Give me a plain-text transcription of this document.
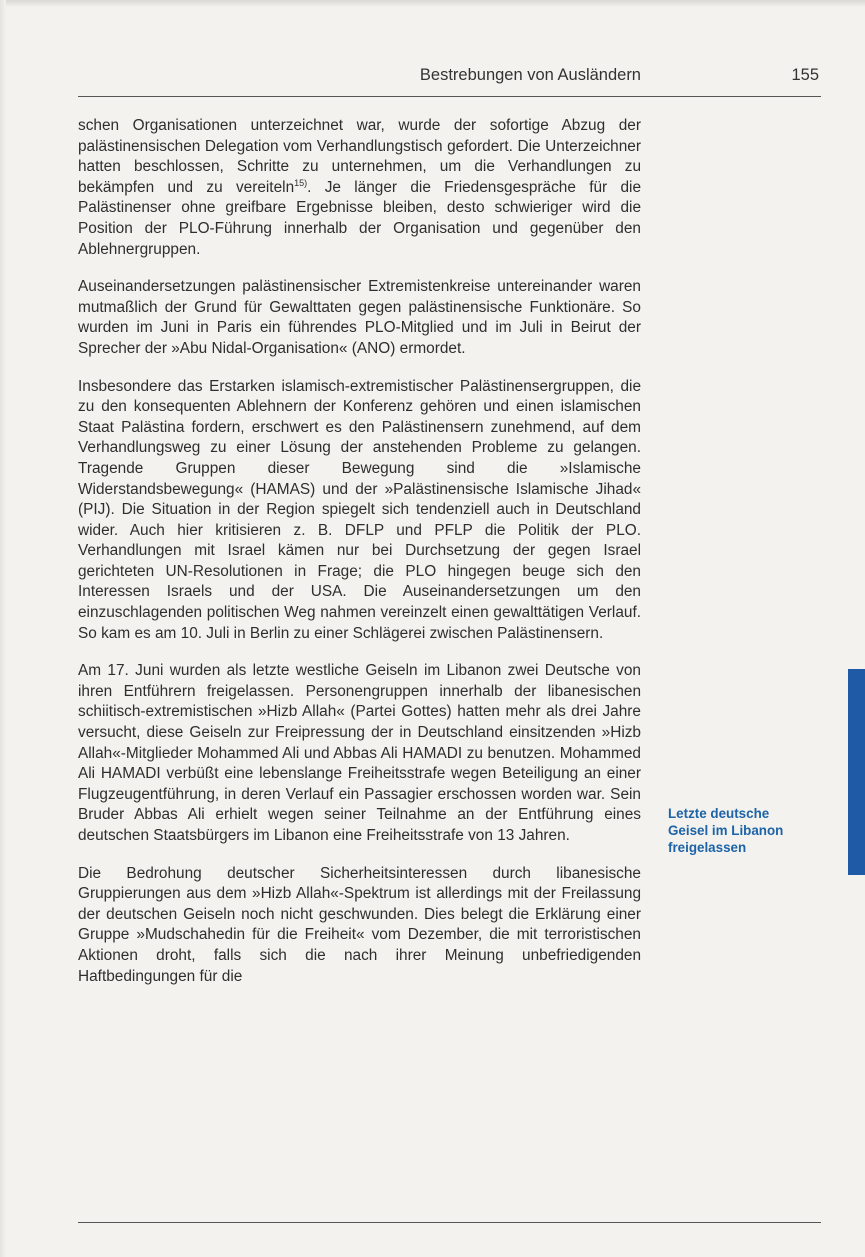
Bestrebungen von Ausländern	155

schen Organisationen unterzeichnet war, wurde der sofortige Abzug der palästinensischen Delegation vom Verhandlungstisch gefordert. Die Unterzeichner hatten beschlossen, Schritte zu unternehmen, um die Verhandlungen zu bekämpfen und zu vereiteln$^{15)}$. Je länger die Friedensgespräche für die Palästinenser ohne greifbare Ergebnisse bleiben, desto schwieriger wird die Position der PLO-Führung innerhalb der Organisation und gegenüber den Ablehnergruppen.

Auseinandersetzungen palästinensischer Extremistenkreise untereinander waren mutmaßlich der Grund für Gewalttaten gegen palästinensische Funktionäre. So wurden im Juni in Paris ein führendes PLO-Mitglied und im Juli in Beirut der Sprecher der »Abu Nidal-Organisation« (ANO) ermordet.

Insbesondere das Erstarken islamisch-extremistischer Palästinensergruppen, die zu den konsequenten Ablehnern der Konferenz gehören und einen islamischen Staat Palästina fordern, erschwert es den Palästinensern zunehmend, auf dem Verhandlungsweg zu einer Lösung der anstehenden Probleme zu gelangen. Tragende Gruppen dieser Bewegung sind die »Islamische Widerstandsbewegung« (HAMAS) und der »Palästinensische Islamische Jihad« (PIJ). Die Situation in der Region spiegelt sich tendenziell auch in Deutschland wider. Auch hier kritisieren z. B. DFLP und PFLP die Politik der PLO. Verhandlungen mit Israel kämen nur bei Durchsetzung der gegen Israel gerichteten UN-Resolutionen in Frage; die PLO hingegen beuge sich den Interessen Israels und der USA. Die Auseinandersetzungen um den einzuschlagenden politischen Weg nahmen vereinzelt einen gewalttätigen Verlauf. So kam es am 10. Juli in Berlin zu einer Schlägerei zwischen Palästinensern.

Am 17. Juni wurden als letzte westliche Geiseln im Libanon zwei Deutsche von ihren Entführern freigelassen. Personengruppen innerhalb der libanesischen schiitisch-extremistischen »Hizb Allah« (Partei Gottes) hatten mehr als drei Jahre versucht, diese Geiseln zur Freipressung der in Deutschland einsitzenden »Hizb Allah«-Mitglieder Mohammed Ali und Abbas Ali HAMADI zu benutzen. Mohammed Ali HAMADI verbüßt eine lebenslange Freiheitsstrafe wegen Beteiligung an einer Flugzeugentführung, in deren Verlauf ein Passagier erschossen worden war. Sein Bruder Abbas Ali erhielt wegen seiner Teilnahme an der Entführung eines deutschen Staatsbürgers im Libanon eine Freiheitsstrafe von 13 Jahren.

Die Bedrohung deutscher Sicherheitsinteressen durch libanesische Gruppierungen aus dem »Hizb Allah«-Spektrum ist allerdings mit der Freilassung der deutschen Geiseln noch nicht geschwunden. Dies belegt die Erklärung einer Gruppe »Mudschahedin für die Freiheit« vom Dezember, die mit terroristischen Aktionen droht, falls sich die nach ihrer Meinung unbefriedigenden Haftbedingungen für die

Letzte deutsche
Geisel im Libanon
freigelassen
